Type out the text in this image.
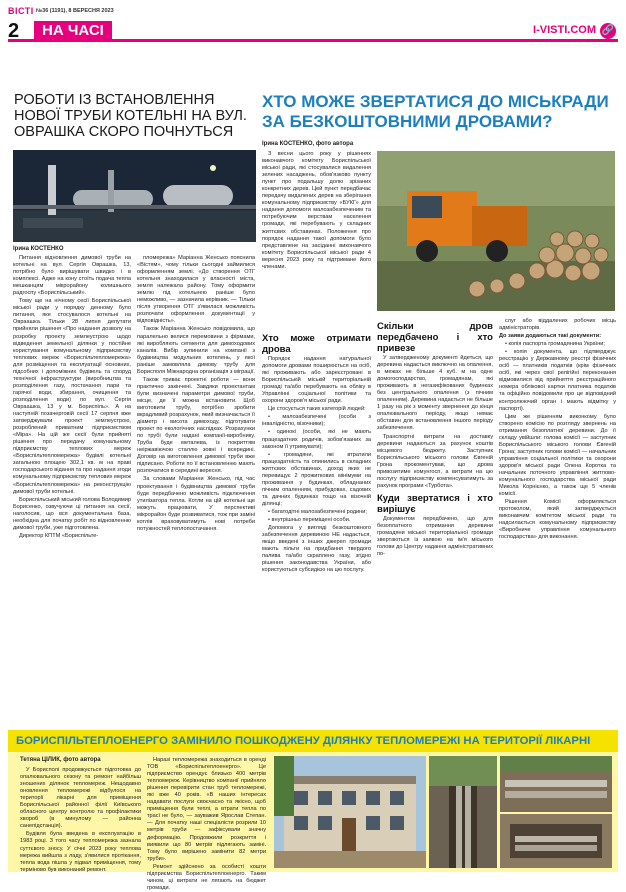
ВІСТІ №36 (1191), 8 ВЕРЕСНЯ 2023
2	НА ЧАСІ	I-VISTI.COM 🔗
РОБОТИ ІЗ ВСТАНОВЛЕННЯ НОВОЇ ТРУБИ КОТЕЛЬНІ НА ВУЛ. ОВРАШКА СКОРО ПОЧНУТЬСЯ
Ірина КОСТЕНКО

Питання відновлення димової труби на котельні на вул. Сергія Оврашка, 13, потрібно було вирішувати швидко і в комплексі. Адже на кону стоїть подача тепла мешканцям мікрорайону колишнього радгоспу «Бориспільський».

Тому ще на нічному сесії Бориспільської міської ради у порядку денному було питання, яке стосувалося котельні на Овраашка. Тільки 28 липня депутати прийняли рішення «Про надання дозволу на розробку проекту землеустрою щодо відведення земельної ділянки у постійне користування комунальному підприємству теплових мереж «Бориспільтепломережа» для розміщення та експлуатації основних, підсобних і допоміжних будівель та споруд технічної інфраструктури (виробництва та розподілення газу, постачання пари та гарячої води, збирання, очищення та розподілення води) по вул. Сергія Овраашка, 13 у м. Бориспіль». А на наступній позачерговій сесії 17 серпня вже затверджували проект землеустрою, розроблений приватним підприємством «Міра». На цій же сесії були прийняті рішення про передачу комунальному підприємству теплових мереж «Бориспільтепломережа» будівлі котельні загальною площею 302,1 кв. м на праві господарського відання та про надання згоди комунальному підприємству теплових мереж «Бориспільтепломережа» на реконструкцію димової труби котельні.

Бориспільський міський голова Володимир Борисенко, озвучуючи ці питання на сесії, наголосив, що вся документальна база, необхідна для початку робіт по відновленню димової труби, уже підготовлена.

Директор КПТМ «Бориспільте-

пломережа» Маріанна Женсько пояснила «Вістям», чому тільки сьогодні займилися оформленням землі. «До створення ОТГ котельня знаходилася у власності міста, земля належала району. Тому оформити землю під котельнею раніше було неможливо, — зазначила керівник. — Тільки після утворення ОТГ з'явилася можливість розпочати оформлення документації у відповідність».

Також Маріанна Женсько повідомила, що паралельно велися перемовини з фірмами, які виробляють сегменти для димоходових каналів. Вибір зупинили на компанії з будівництва модульних котелень, у якої раніше замовляла димову трубу для Борисполя Міжнародна організація з міграції.

Також триває проектні роботи — вони практично закінчені. Завдяки проектантам були визначені параметри димової труби, місце, де її можна встановити. Щоб виготовити трубу, потрібно зробити вкрадливий розрахунок, який визначається її діаметр і висота димоходу, підготувати проект по екологічних наслідках. Розрахунки по трубі були надані компанії-виробнику. Труба буде металева, із покриттям неіржавіючою сталлю зовні і всередині. Договір на виготовлення димової труби вже підписано. Роботи по її встановленню мають розпочатися в середині вересня.

За словами Маріанни Женсько, під час проектування і будівництва димової труби буде передбачено можливість підключення утилізатора тепла. Котли на цій котельні ще можуть працювати, У перспективі мікрорайон буде розвиватися, тож при заміні котлів враховуватимуть нові потреби потужностей теплопостачання.

ХТО МОЖЕ ЗВЕРТАТИСЯ ДО МІСЬКРАДИ ЗА БЕЗКОШТОВНИМИ ДРОВАМИ?
Ірина КОСТЕНКО, фото автора

З весни цього року у рішеннях виконавчого комітету Бориспільської міської ради, які стосувалися видалення зелених насаджень, обов'язково пункту пункт про подальшу долю зрізаних конкретних дерев. Цей пункт передбачає передачу видалених дерев на зберігання комунальному підприємству «БУКГ» для надання допомоги малозабезпеченим та потребуючим верствам населення громади, які перебувають у складних життєвих обставинах. Положення про порядок надання такої допомоги було представлене на засіданні виконавчого комітету Бориспільської міської ради 4 вересня 2023 року та підтримане його членами.

Хто може отримати дрова

Порядок надання натуральної допомоги дровами поширюється на осіб, які проживають або зареєстровані в Бориспільській міській територіальній громаді та/або перебувають на обліку в Управлінні соціальної політики та охорони здоров'я міської ради.

Це стосується таких категорій людей:

• малозабезпечені (особи з інвалідністю, візочники);

• одинокі (особи, які не мають працездатних родичів, зобов'язаних за законом її утримувати);

• громадяни, які втратили працездатність та опинились в складних життєвих обставинах, доход яких не перевищує 2 прожиткових мінімуми на проживання у будинках, обладнаних пічним опаленням, прибудовах, садових та дачних будинках тощо на візочній ділянці;

• багатодітні малозабезпечені родини;

• внутрішньо переміщені особи.

Допомога у вигляді безкоштовного забезпечення деревиною НЕ надається, якщо введені з інших джерел громади мають пільги на придбання твердого палива та/або скраплено газу, згідно рішення законодавства України, або користуються субсидією на цю послугу.

Скільки дров передбачено і хто привезе

У затвердженому документі йдеться, що деревина надається виключно на опалення, в межах не більше 4 куб. м на одне домогосподарство, громадянам, які проживають в негазифікованих будинках без центрального опалення (з пічним опаленням). Деревина надається не більше 1 разу на рік з моменту звернення до кінця опалювального періоду, якщо немає обставин для встановлення іншого періоду забезпечення.

Транспортні витрати на доставку деревини надаються за рахунок коштів місцевого бюджету. Заступник Бориспільського міського голови Євгеній Грона прокоментував, що дрова привозитиме комунгосп, а витрати на цю послугу підприємству компенсуватимуть за рахунок програми «Турбота».

Куди звертатися і хто вирішує

Документом передбачено, що для безоплатного отримання деревини громадяни міської територіальної громади звертаються із заявою на ім'я міського голови до Центру надання адміністративних по-

слуг або віддалених робочих місць адміністраторів.

До заяви додаються такі документи:

• копія паспорта громадянина України;

• копія документа, що підтверджує реєстрацію у Державному реєстрі фізичних осіб — платників податків (крім фізичних осіб, які через свої релігійні переконання відмовилися від прийняття реєстраційного номера облікової картки платника податків та офіційно повідомили про це відповідний контролюючий орган і мають відмітку у паспорті).

Цим же рішенням виконкому було створено комісію по розгляду звернень на отримання безоплатної деревини. До її складу увійшли: голова комісії — заступник Бориспільського міського голови Євгеній Грона; заступник голови комісії — начальник управління соціальної політики та охорони здоров'я міської ради Олена Коротка та начальник поточного управління житлово-комунального господарства міської ради Микола Корнієнко, а також ще 5 членів комісії.

Рішення Комісії оформляється протоколом, який затверджується виконавчим комітетом міської ради та надсилається комунальному підприємству «Виробниче управління комунального господарства» для виконання.

БОРИСПІЛЬТЕПЛОЕНЕРГО ЗАМІНИЛО ПОШКОДЖЕНУ ДІЛЯНКУ ТЕПЛОМЕРЕЖІ НА ТЕРИТОРІЇ ЛІКАРНІ
Тетяна ЦІЛИК, фото автора

У Борисполі продовжується підготовка до опалювального сезону та ремонт найбільш зношених ділянок тепломереж. Нещодавно оновлення тепломережі відбулося на території лікарні для приміщення Бориспільської районної філії Київського обласного центру контролю та профілактики хвороб (в минулому — районна санепідстанція).

Будівля була введена в експлуатацію в 1983 році. З того часу тепломережа зазнала суттєвого зносу. У січні 2023 року теплова мережа вийшла з ладу, з'явилися протікання, тепла вода пішла у підвал приміщення, тому терміново був виконаний ремонт.

Наразі тепломережа знаходиться в оренді ТОВ «Бориспільтеплоенерго». Це підприємство орендує близько 400 метрів тепломереж. Керівництво компанії прийняло рішення перевірити стан труб тепломережі, які вже 40 років. «В наших інтересах надавати послуги своєчасно та якісно, щоб приміщення були теплі, а втрати тепла по трасі не було, — зауважив Ярослав Степан. — Для початку наші спеціалісти розрили 10 метрів труби — зафіксували значну деформацію. Продовжили розкриття і виявили що 80 метрів підлягають заміні. Тому було вирішено замінити 82 метри труби».

Ремонт здійснено за особисті кошти підприємства Бориспільтеплоенерго. Таким чином, ці витрати не лягають на бюджет громади.
